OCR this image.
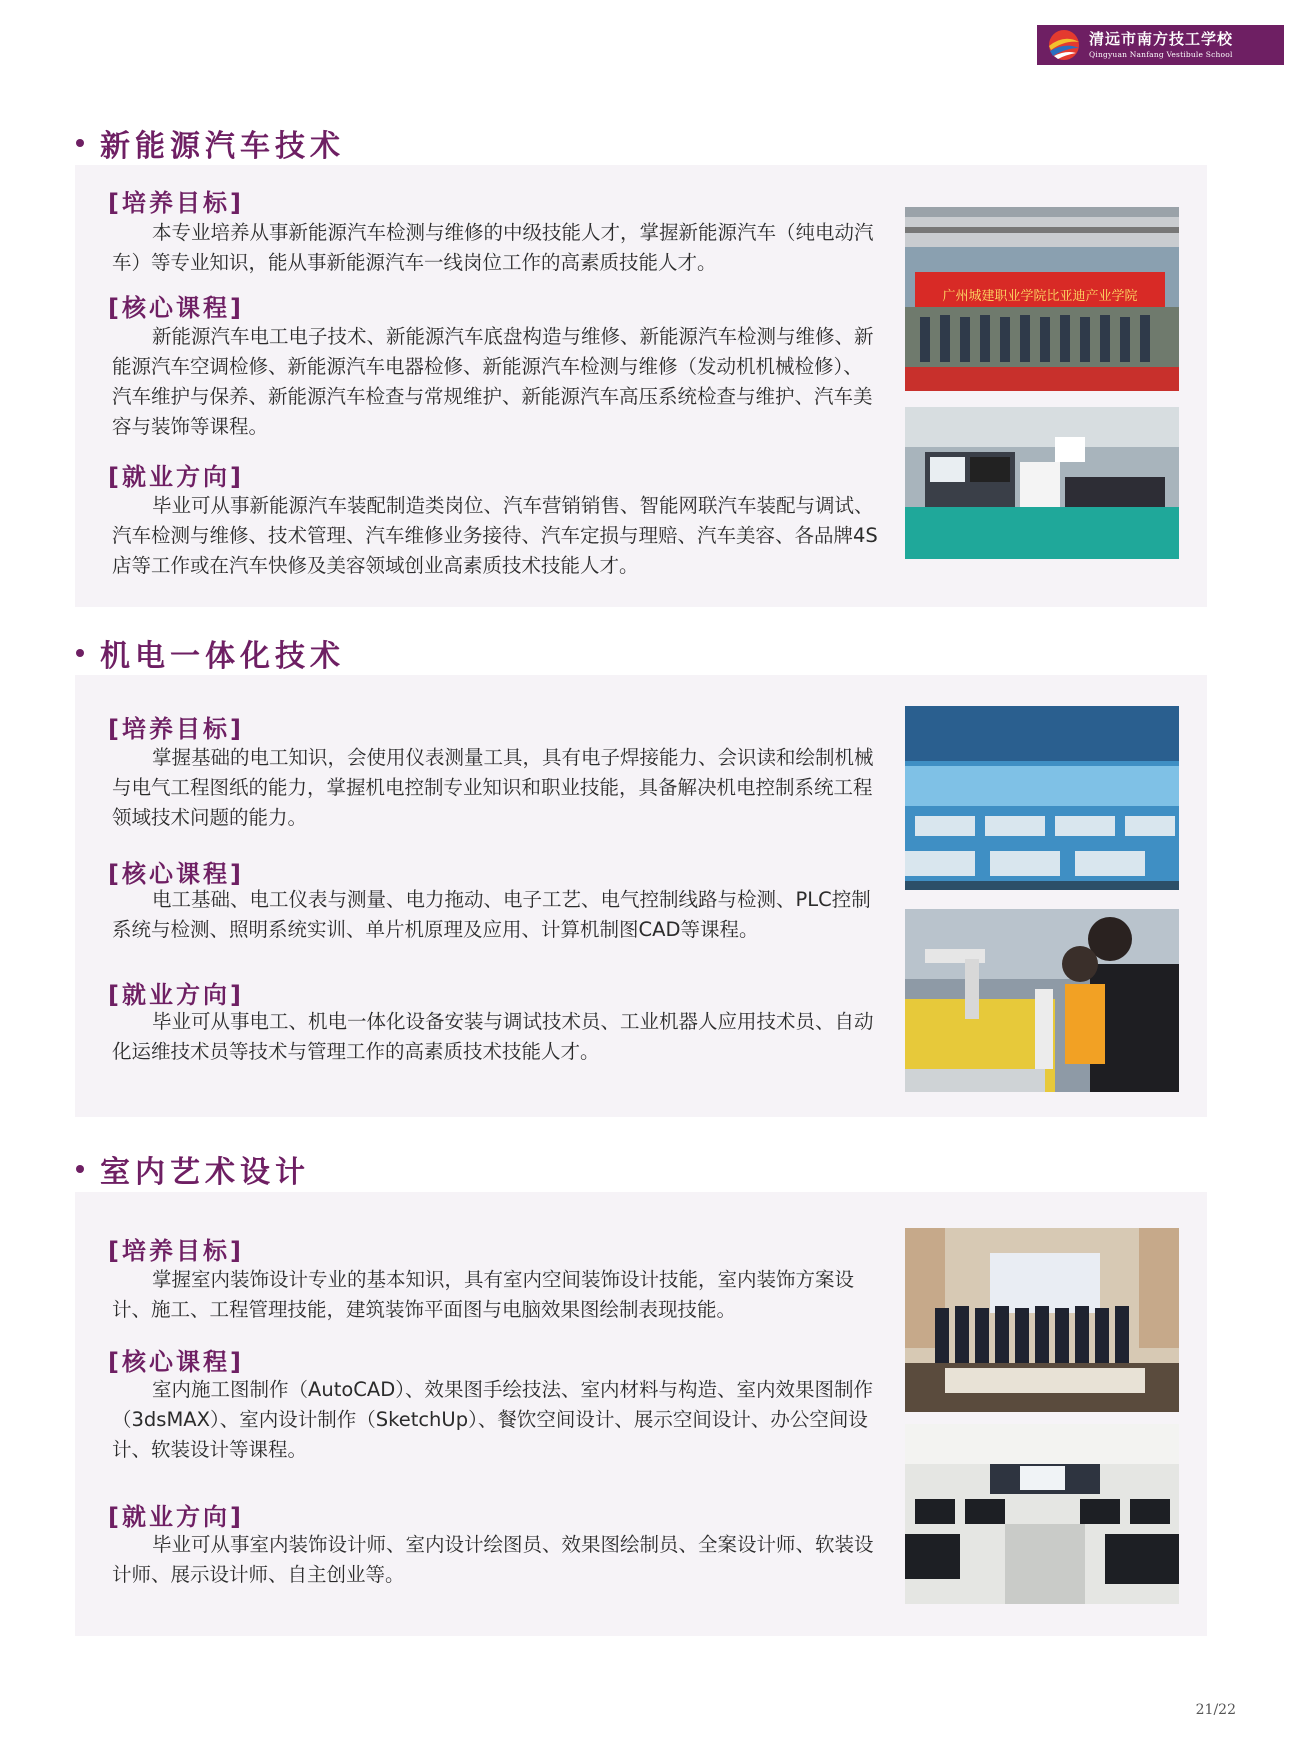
清远市南方技工学校
Qingyuan Nanfang Vestibule School
新能源汽车技术
[培养目标]
本专业培养从事新能源汽车检测与维修的中级技能人才，掌握新能源汽车（纯电动汽车）等专业知识，能从事新能源汽车一线岗位工作的高素质技能人才。
[核心课程]
新能源汽车电工电子技术、新能源汽车底盘构造与维修、新能源汽车检测与维修、新能源汽车空调检修、新能源汽车电器检修、新能源汽车检测与维修（发动机机械检修）、汽车维护与保养、新能源汽车检查与常规维护、新能源汽车高压系统检查与维护、汽车美容与装饰等课程。
[就业方向]
毕业可从事新能源汽车装配制造类岗位、汽车营销销售、智能网联汽车装配与调试、汽车检测与维修、技术管理、汽车维修业务接待、汽车定损与理赔、汽车美容、各品牌4S店等工作或在汽车快修及美容领域创业高素质技术技能人才。
广州城建职业学院比亚迪产业学院
机电一体化技术
[培养目标]
掌握基础的电工知识，会使用仪表测量工具，具有电子焊接能力、会识读和绘制机械与电气工程图纸的能力，掌握机电控制专业知识和职业技能，具备解决机电控制系统工程领域技术问题的能力。
[核心课程]
电工基础、电工仪表与测量、电力拖动、电子工艺、电气控制线路与检测、PLC控制系统与检测、照明系统实训、单片机原理及应用、计算机制图CAD等课程。
[就业方向]
毕业可从事电工、机电一体化设备安装与调试技术员、工业机器人应用技术员、自动化运维技术员等技术与管理工作的高素质技术技能人才。
室内艺术设计
[培养目标]
掌握室内装饰设计专业的基本知识，具有室内空间装饰设计技能，室内装饰方案设计、施工、工程管理技能，建筑装饰平面图与电脑效果图绘制表现技能。
[核心课程]
室内施工图制作（AutoCAD）、效果图手绘技法、室内材料与构造、室内效果图制作（3dsMAX）、室内设计制作（SketchUp）、餐饮空间设计、展示空间设计、办公空间设计、软装设计等课程。
[就业方向]
毕业可从事室内装饰设计师、室内设计绘图员、效果图绘制员、全案设计师、软装设计师、展示设计师、自主创业等。
21/22
